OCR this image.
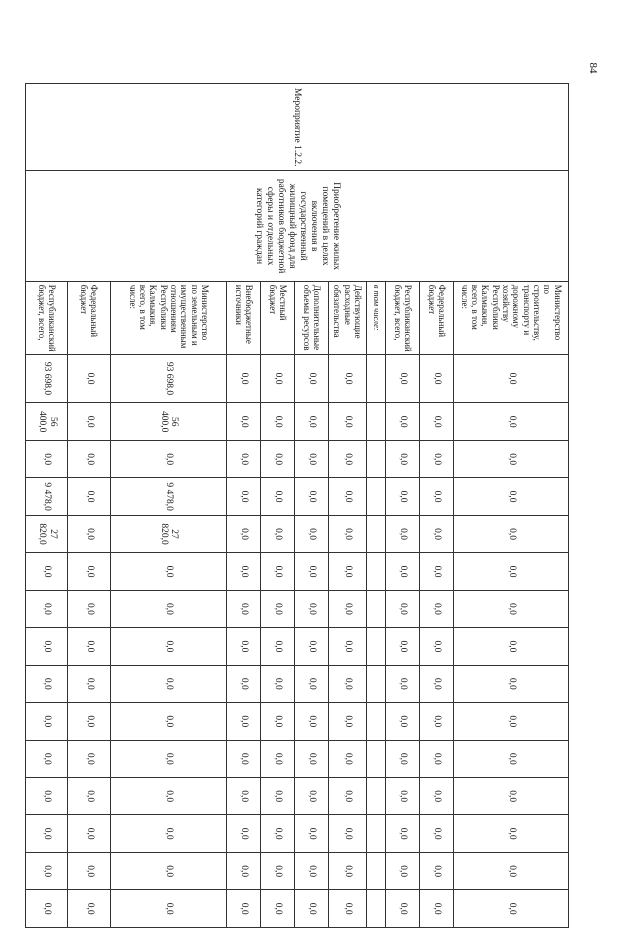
84
Мероприятие 1.2.2.	Приобретение жилых помещений в целях включения в государственный жилищный фонд для работников бюджетной сферы и отдельных категорий граждан	Министерство по строительству, транспорту и дорожному хозяйству Республики Калмыкия, всего, в том числе:	0,0	0,0	0,0	0,0	0,0	0,0	0,0	0,0	0,0	0,0	0,0	0,0	0,0	0,0	0,0
		Федеральный бюджет	0,0	0,0	0,0	0,0	0,0	0,0	0,0	0,0	0,0	0,0	0,0	0,0	0,0	0,0	0,0
		Республиканский бюджет, всего,	0,0	0,0	0,0	0,0	0,0	0,0	0,0	0,0	0,0	0,0	0,0	0,0	0,0	0,0	0,0
		в том числе:															
		Действующие расходные обязательства	0,0	0,0	0,0	0,0	0,0	0,0	0,0	0,0	0,0	0,0	0,0	0,0	0,0	0,0	0,0
		Дополнительные объемы ресурсов	0,0	0,0	0,0	0,0	0,0	0,0	0,0	0,0	0,0	0,0	0,0	0,0	0,0	0,0	0,0
		Местный бюджет	0,0	0,0	0,0	0,0	0,0	0,0	0,0	0,0	0,0	0,0	0,0	0,0	0,0	0,0	0,0
		Внебюджетные источники	0,0	0,0	0,0	0,0	0,0	0,0	0,0	0,0	0,0	0,0	0,0	0,0	0,0	0,0	0,0
		Министерство по земельным и имущественным отношениям Республики Калмыкия, всего, в том числе:	93 698,0	56 400,0	0,0	9 478,0	27 820,0	0,0	0,0	0,0	0,0	0,0	0,0	0,0	0,0	0,0	0,0
		Федеральный бюджет	0,0	0,0	0,0	0,0	0,0	0,0	0,0	0,0	0,0	0,0	0,0	0,0	0,0	0,0	0,0
		Республиканский бюджет, всего,	93 698,0	56 400,0	0,0	9 478,0	27 820,0	0,0	0,0	0,0	0,0	0,0	0,0	0,0	0,0	0,0	0,0
